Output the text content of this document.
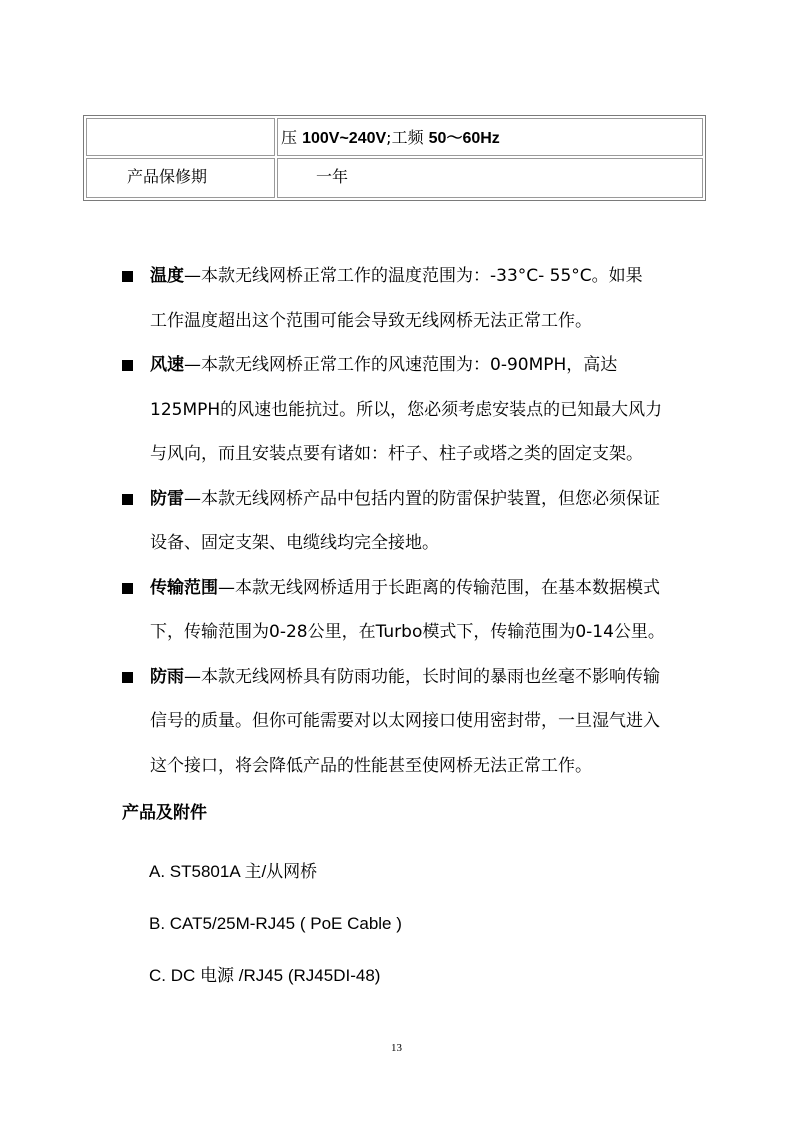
	压 100V~240V;工频 50～60Hz

产品保修期	一年
温度—本款无线网桥正常工作的温度范围为：-33°C- 55°C。如果
工作温度超出这个范围可能会导致无线网桥无法正常工作。
风速—本款无线网桥正常工作的风速范围为：0-90MPH，高达
125MPH的风速也能抗过。所以，您必须考虑安装点的已知最大风力
与风向，而且安装点要有诸如：杆子、柱子或塔之类的固定支架。
防雷—本款无线网桥产品中包括内置的防雷保护装置，但您必须保证
设备、固定支架、电缆线均完全接地。
传输范围—本款无线网桥适用于长距离的传输范围，在基本数据模式
下，传输范围为0-28公里，在Turbo模式下，传输范围为0-14公里。
防雨—本款无线网桥具有防雨功能，长时间的暴雨也丝毫不影响传输
信号的质量。但你可能需要对以太网接口使用密封带，一旦湿气进入
这个接口，将会降低产品的性能甚至使网桥无法正常工作。
产品及附件
A. ST5801A 主/从网桥
B. CAT5/25M-RJ45 ( PoE Cable )
C. DC 电源 /RJ45 (RJ45DI-48)
13
